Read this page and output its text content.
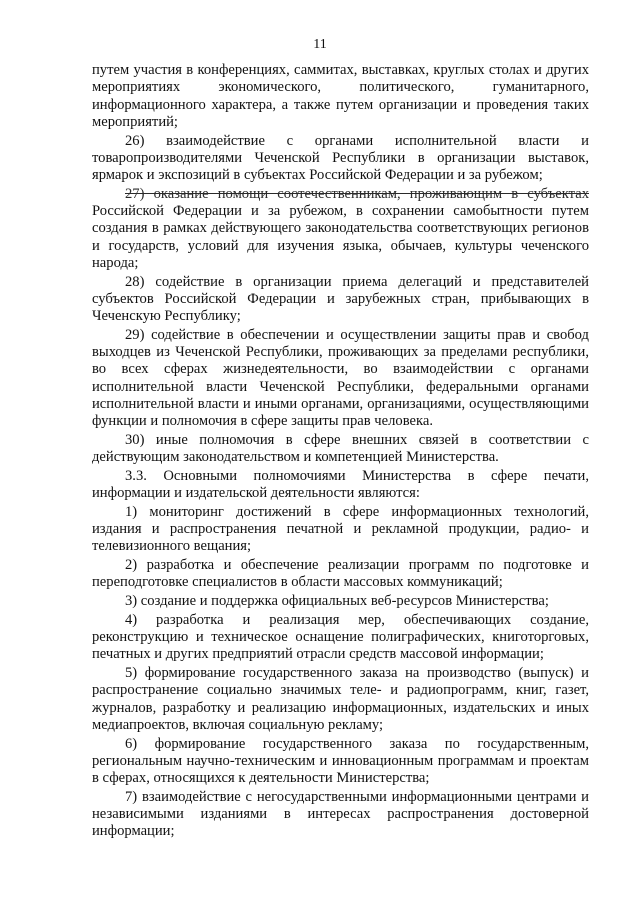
11

путем участия в конференциях, саммитах, выставках, круглых столах и других мероприятиях экономического, политического, гуманитарного, информационного характера, а также путем организации и проведения таких мероприятий;

26) взаимодействие с органами исполнительной власти и товаропроизводителями Чеченской Республики в организации выставок, ярмарок и экспозиций в субъектах Российской Федерации и за рубежом;

27) оказание помощи соотечественникам, проживающим в субъектах Российской Федерации и за рубежом, в сохранении самобытности путем создания в рамках действующего законодательства соответствующих регионов и государств, условий для изучения языка, обычаев, культуры чеченского народа;

28) содействие в организации приема делегаций и представителей субъектов Российской Федерации и зарубежных стран, прибывающих в Чеченскую Республику;

29) содействие в обеспечении и осуществлении защиты прав и свобод выходцев из Чеченской Республики, проживающих за пределами республики, во всех сферах жизнедеятельности, во взаимодействии с органами исполнительной власти Чеченской Республики, федеральными органами исполнительной власти и иными органами, организациями, осуществляющими функции и полномочия в сфере защиты прав человека.

30) иные полномочия в сфере внешних связей в соответствии с действующим законодательством и компетенцией Министерства.

3.3. Основными полномочиями Министерства в сфере печати, информации и издательской деятельности являются:

1) мониторинг достижений в сфере информационных технологий, издания и распространения печатной и рекламной продукции, радио- и телевизионного вещания;

2) разработка и обеспечение реализации программ по подготовке и переподготовке специалистов в области массовых коммуникаций;

3) создание и поддержка официальных веб-ресурсов Министерства;

4) разработка и реализация мер, обеспечивающих создание, реконструкцию и техническое оснащение полиграфических, книготорговых, печатных и других предприятий отрасли средств массовой информации;

5) формирование государственного заказа на производство (выпуск) и распространение социально значимых теле- и радиопрограмм, книг, газет, журналов, разработку и реализацию информационных, издательских и иных медиапроектов, включая социальную рекламу;

6) формирование государственного заказа по государственным, региональным научно-техническим и инновационным программам и проектам в сферах, относящихся к деятельности Министерства;

7) взаимодействие с негосударственными информационными центрами и независимыми изданиями в интересах распространения достоверной информации;
